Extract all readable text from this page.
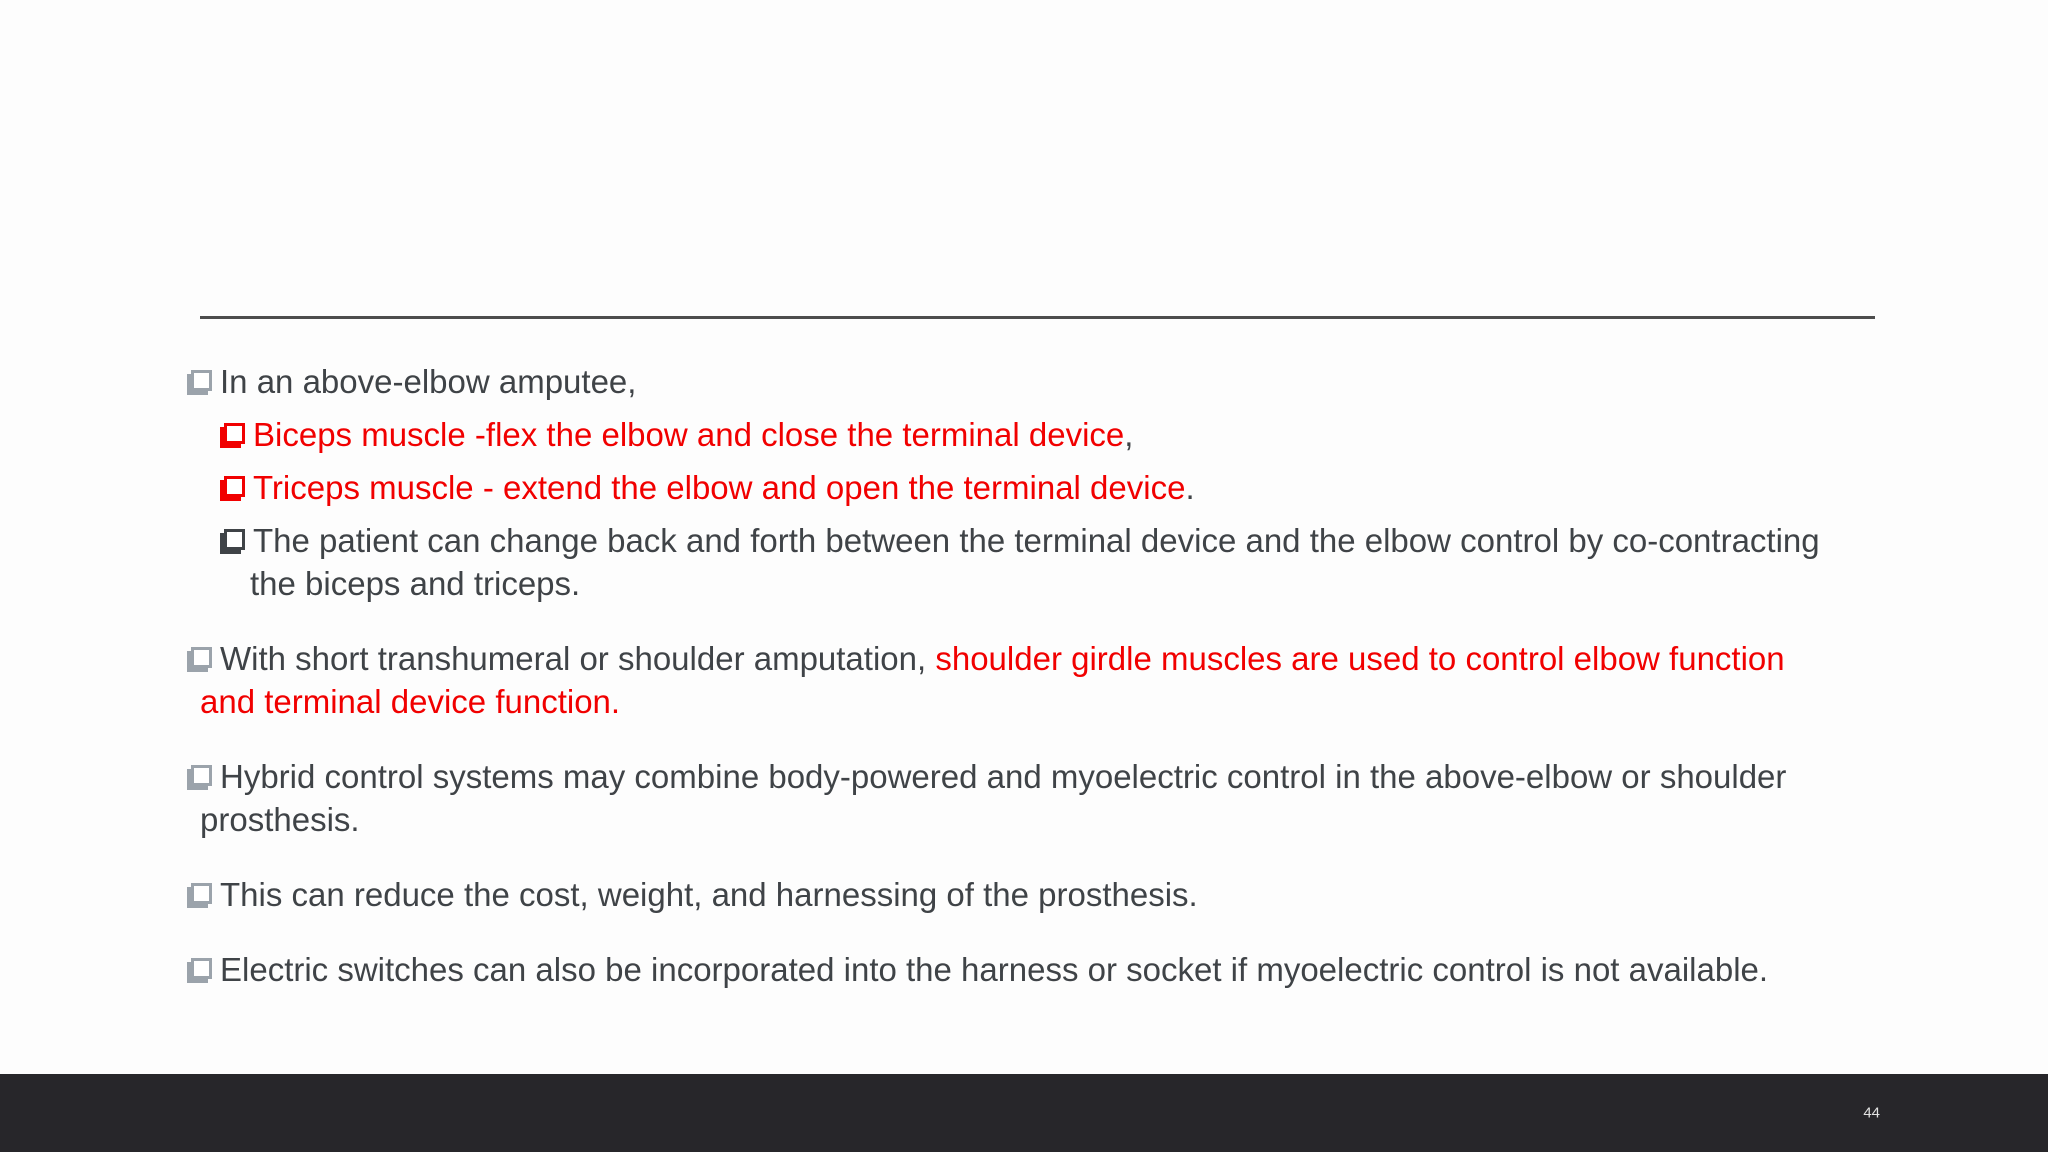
In an above-elbow amputee,
Biceps muscle -flex the elbow and close the terminal device,
Triceps muscle - extend the elbow and open the terminal device.
The patient can change back and forth between the terminal device and the elbow control by co-contracting
the biceps and triceps.
With short transhumeral or shoulder amputation, shoulder girdle muscles are used to control elbow function
and terminal device function.
Hybrid control systems may combine body-powered and myoelectric control in the above-elbow or shoulder
prosthesis.
This can reduce the cost, weight, and harnessing of the prosthesis.
Electric switches can also be incorporated into the harness or socket if myoelectric control is not available.
44
